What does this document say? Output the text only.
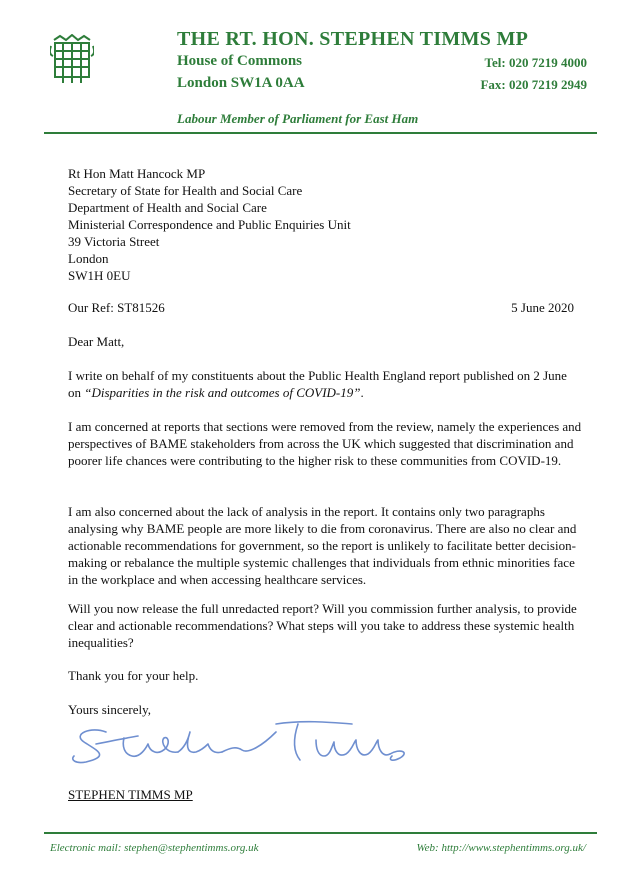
THE RT. HON. STEPHEN TIMMS MP
House of Commons
London SW1A 0AA
Tel: 020 7219 4000
Fax: 020 7219 2949
Labour Member of Parliament for East Ham
Rt Hon Matt Hancock MP
Secretary of State for Health and Social Care
Department of Health and Social Care
Ministerial Correspondence and Public Enquiries Unit
39 Victoria Street
London
SW1H 0EU
Our Ref: ST81526	5 June 2020
Dear Matt,

I write on behalf of my constituents about the Public Health England report published on 2 June on “Disparities in the risk and outcomes of COVID-19”.

I am concerned at reports that sections were removed from the review, namely the experiences and perspectives of BAME stakeholders from across the UK which suggested that discrimination and poorer life chances were contributing to the higher risk to these communities from COVID-19.

I am also concerned about the lack of analysis in the report. It contains only two paragraphs analysing why BAME people are more likely to die from coronavirus. There are also no clear and actionable recommendations for government, so the report is unlikely to facilitate better decision-making or rebalance the multiple systemic challenges that individuals from ethnic minorities face in the workplace and when accessing healthcare services.

Will you now release the full unredacted report? Will you commission further analysis, to provide clear and actionable recommendations? What steps will you take to address these systemic health inequalities?

Thank you for your help.
Yours sincerely,
STEPHEN TIMMS MP
Electronic mail: stephen@stephentimms.org.uk	Web: http://www.stephentimms.org.uk/
